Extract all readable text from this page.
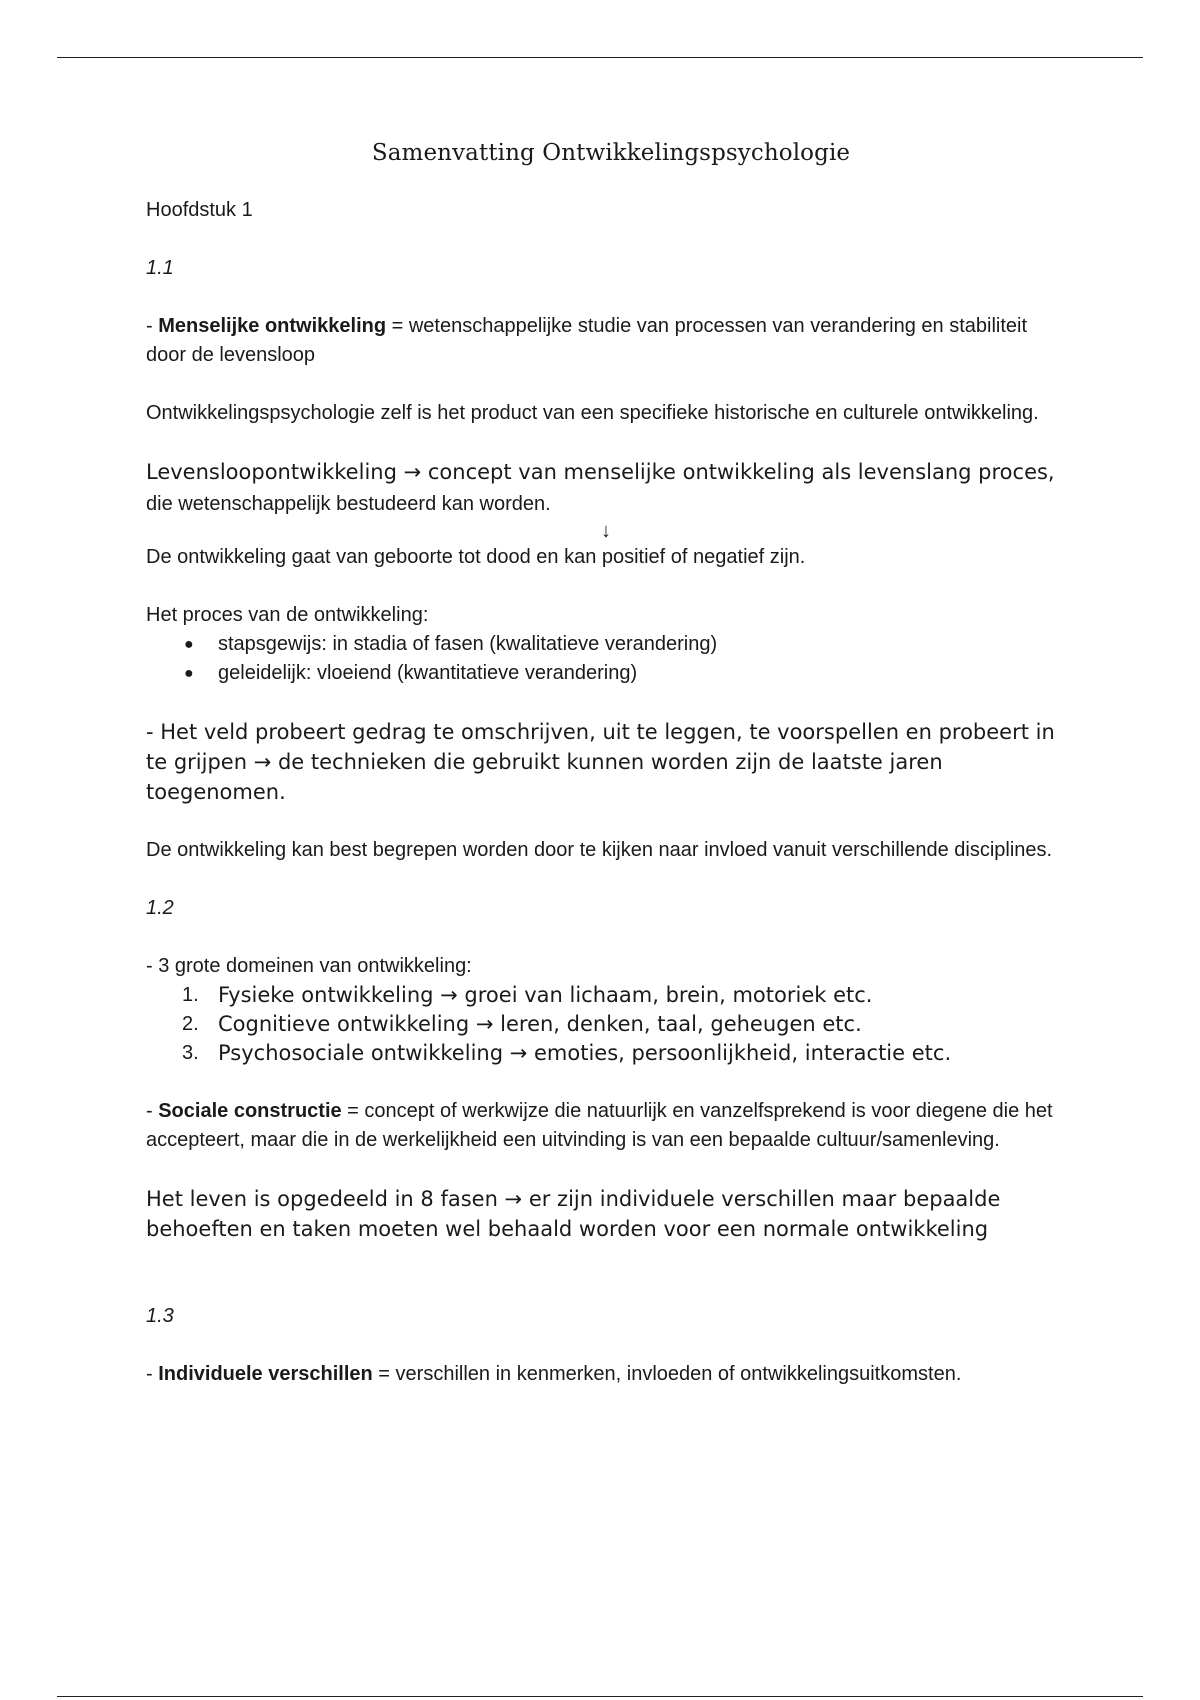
Samenvatting Ontwikkelingspsychologie

Hoofdstuk 1

1.1

- Menselijke ontwikkeling = wetenschappelijke studie van processen van verandering en stabiliteit door de levensloop

Ontwikkelingspsychologie zelf is het product van een specifieke historische en culturele ontwikkeling.

Levensloopontwikkeling → concept van menselijke ontwikkeling als levenslang proces, die wetenschappelijk bestudeerd kan worden.

↓

De ontwikkeling gaat van geboorte tot dood en kan positief of negatief zijn.

Het proces van de ontwikkeling:

● stapsgewijs: in stadia of fasen (kwalitatieve verandering)
● geleidelijk: vloeiend (kwantitatieve verandering)

- Het veld probeert gedrag te omschrijven, uit te leggen, te voorspellen en probeert in te grijpen → de technieken die gebruikt kunnen worden zijn de laatste jaren toegenomen.

De ontwikkeling kan best begrepen worden door te kijken naar invloed vanuit verschillende disciplines.

1.2

- 3 grote domeinen van ontwikkeling:

1. Fysieke ontwikkeling → groei van lichaam, brein, motoriek etc.
2. Cognitieve ontwikkeling → leren, denken, taal, geheugen etc.
3. Psychosociale ontwikkeling → emoties, persoonlijkheid, interactie etc.

- Sociale constructie = concept of werkwijze die natuurlijk en vanzelfsprekend is voor diegene die het accepteert, maar die in de werkelijkheid een uitvinding is van een bepaalde cultuur/samenleving.

Het leven is opgedeeld in 8 fasen → er zijn individuele verschillen maar bepaalde behoeften en taken moeten wel behaald worden voor een normale ontwikkeling

1.3

- Individuele verschillen = verschillen in kenmerken, invloeden of ontwikkelingsuitkomsten.
